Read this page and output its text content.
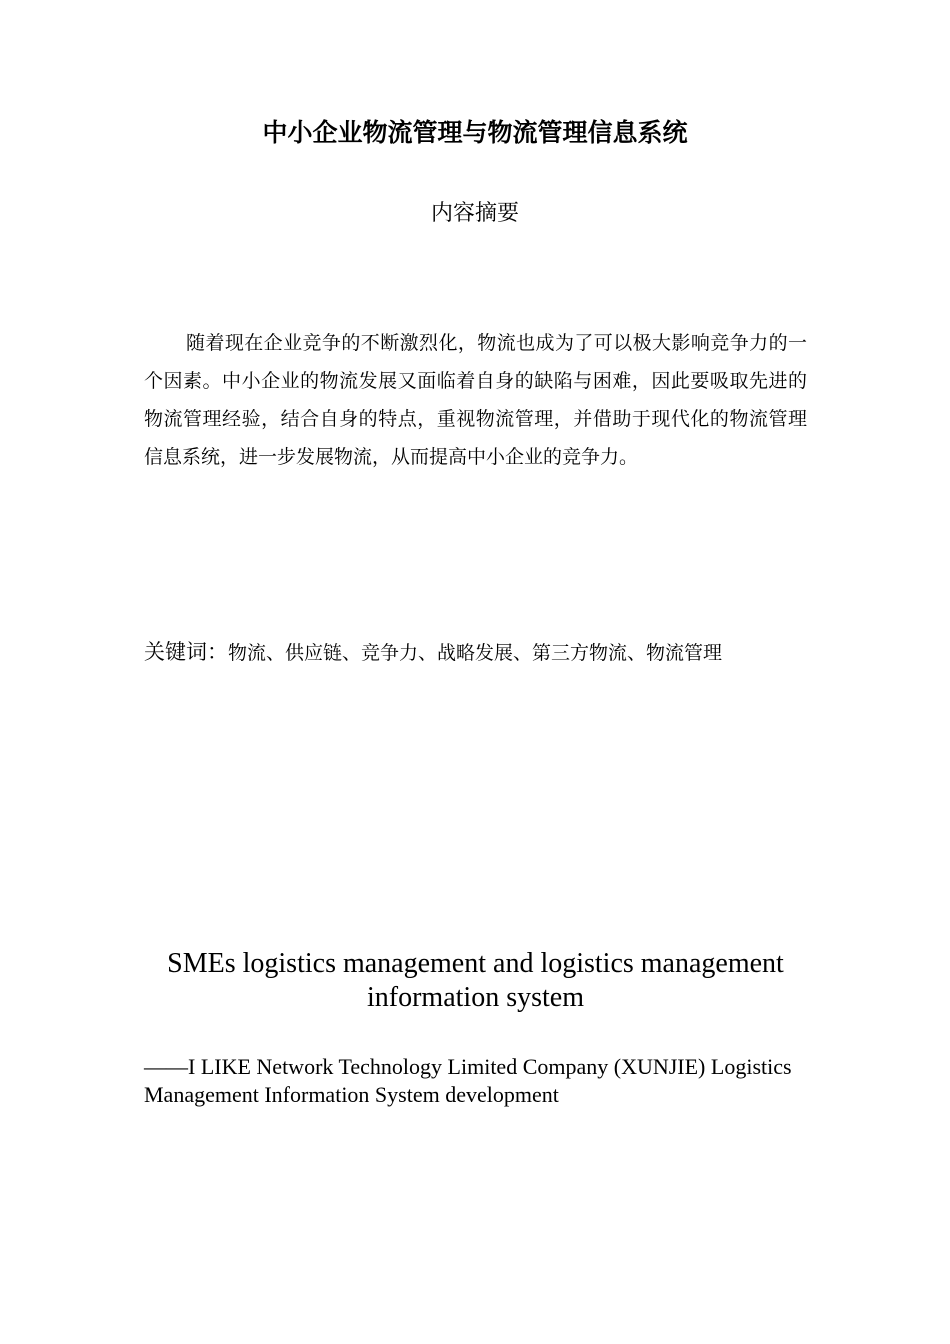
中小企业物流管理与物流管理信息系统
内容摘要

随着现在企业竞争的不断激烈化，物流也成为了可以极大影响竞争力的一个因素。中小企业的物流发展又面临着自身的缺陷与困难，因此要吸取先进的物流管理经验，结合自身的特点，重视物流管理，并借助于现代化的物流管理信息系统，进一步发展物流，从而提高中小企业的竞争力。

关键词：物流、供应链、竞争力、战略发展、第三方物流、物流管理

SMEs logistics management and logistics management information system

——I LIKE Network Technology Limited Company (XUNJIE) Logistics Management Information System development
